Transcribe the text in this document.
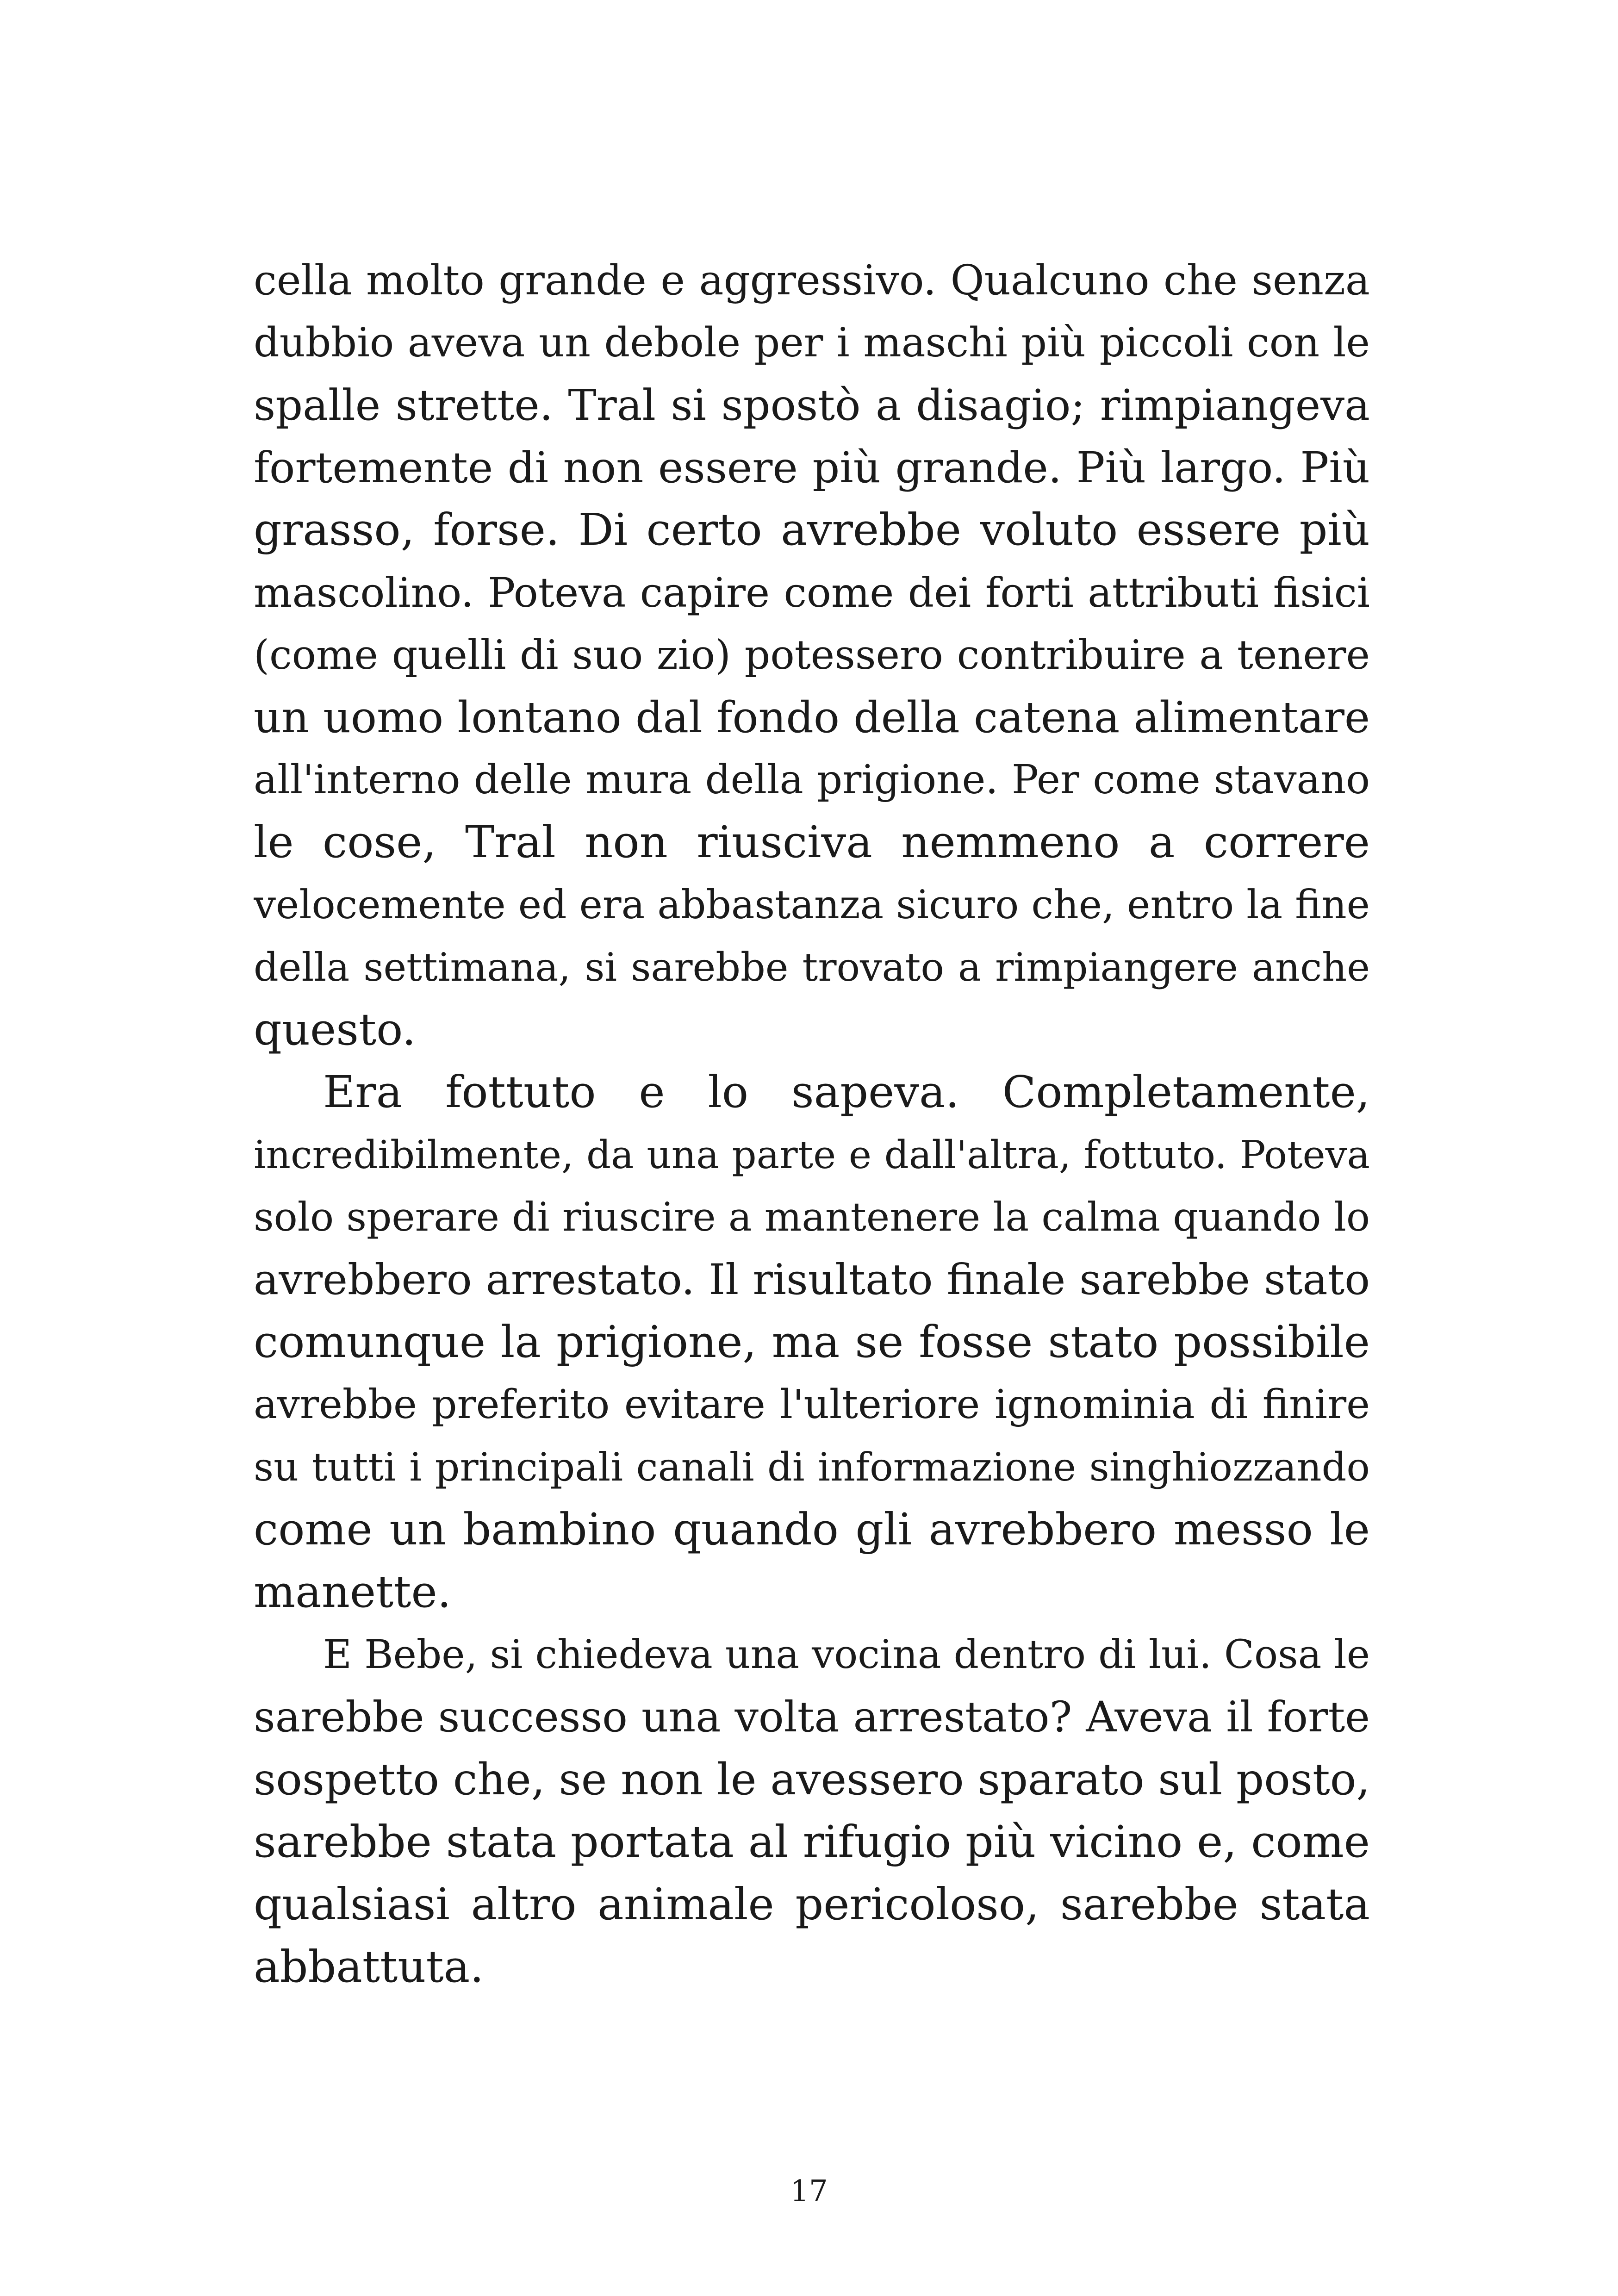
cella molto grande e aggressivo. Qualcuno che senza
dubbio aveva un debole per i maschi più piccoli con le
spalle strette. Tral si spostò a disagio; rimpiangeva
fortemente di non essere più grande. Più largo. Più
grasso, forse. Di certo avrebbe voluto essere più
mascolino. Poteva capire come dei forti attributi fisici
(come quelli di suo zio) potessero contribuire a tenere
un uomo lontano dal fondo della catena alimentare
all'interno delle mura della prigione. Per come stavano
le cose, Tral non riusciva nemmeno a correre
velocemente ed era abbastanza sicuro che, entro la fine
della settimana, si sarebbe trovato a rimpiangere anche
questo.
Era fottuto e lo sapeva. Completamente,
incredibilmente, da una parte e dall'altra, fottuto. Poteva
solo sperare di riuscire a mantenere la calma quando lo
avrebbero arrestato. Il risultato finale sarebbe stato
comunque la prigione, ma se fosse stato possibile
avrebbe preferito evitare l'ulteriore ignominia di finire
su tutti i principali canali di informazione singhiozzando
come un bambino quando gli avrebbero messo le
manette.
E Bebe, si chiedeva una vocina dentro di lui. Cosa le
sarebbe successo una volta arrestato? Aveva il forte
sospetto che, se non le avessero sparato sul posto,
sarebbe stata portata al rifugio più vicino e, come
qualsiasi altro animale pericoloso, sarebbe stata
abbattuta.
17
